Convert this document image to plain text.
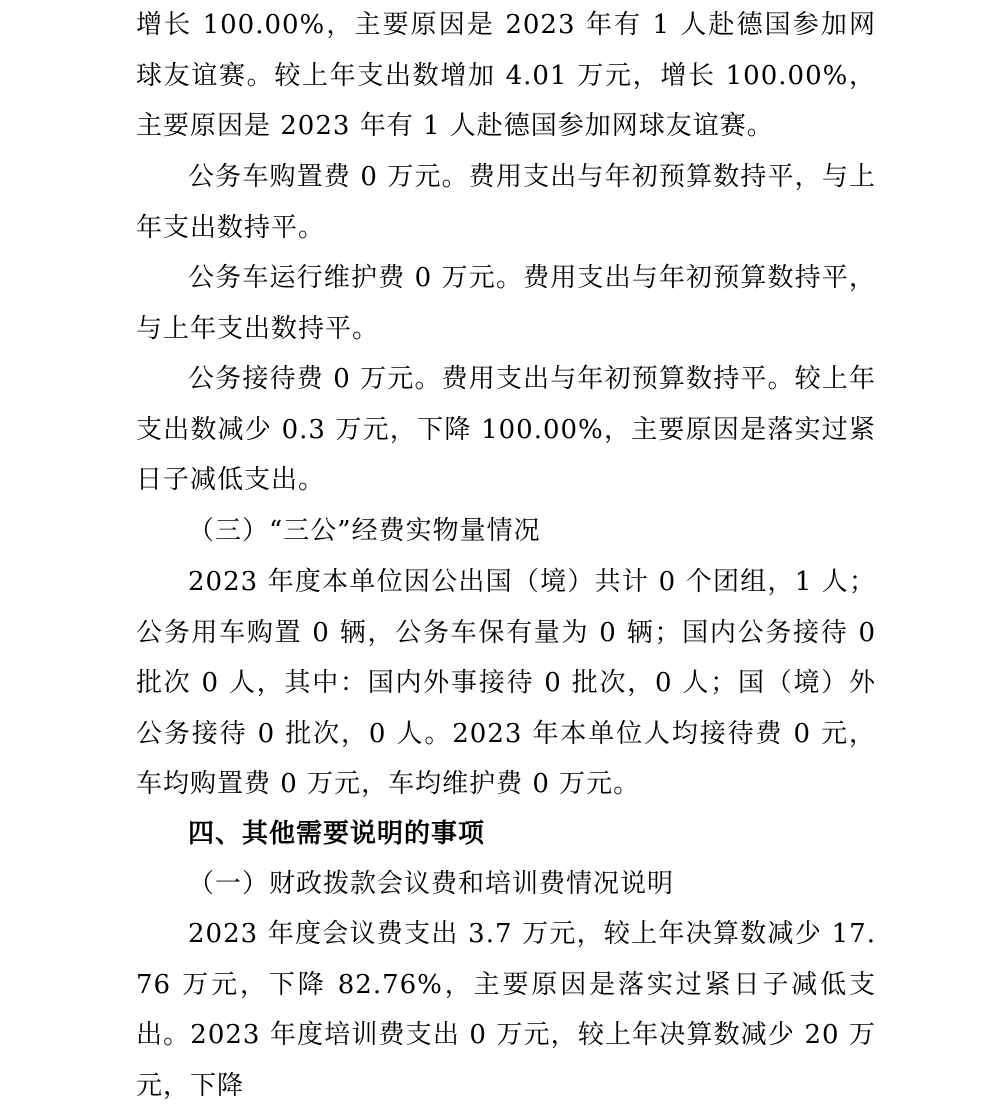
增长 100.00%，主要原因是 2023 年有 1 人赴德国参加网球友谊赛。较上年支出数增加 4.01 万元，增长 100.00%，主要原因是 2023 年有 1 人赴德国参加网球友谊赛。

公务车购置费 0 万元。费用支出与年初预算数持平，与上年支出数持平。

公务车运行维护费 0 万元。费用支出与年初预算数持平，与上年支出数持平。

公务接待费 0 万元。费用支出与年初预算数持平。较上年支出数减少 0.3 万元，下降 100.00%，主要原因是落实过紧日子减低支出。

（三）“三公”经费实物量情况

2023 年度本单位因公出国（境）共计 0 个团组，1 人；公务用车购置 0 辆，公务车保有量为 0 辆；国内公务接待 0 批次 0 人，其中：国内外事接待 0 批次，0 人；国（境）外公务接待 0 批次，0 人。2023 年本单位人均接待费 0 元，车均购置费 0 万元，车均维护费 0 万元。

四、其他需要说明的事项

（一）财政拨款会议费和培训费情况说明

2023 年度会议费支出 3.7 万元，较上年决算数减少 17.76 万元，下降 82.76%，主要原因是落实过紧日子减低支出。2023 年度培训费支出 0 万元，较上年决算数减少 20 万元，下降
